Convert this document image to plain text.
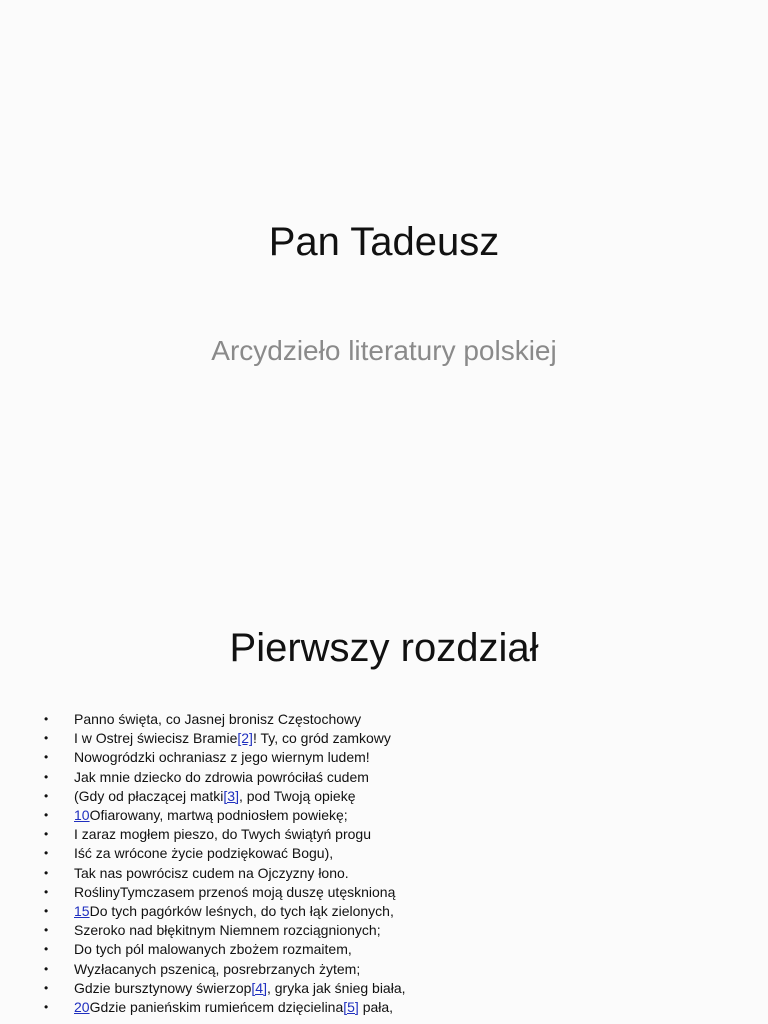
Pan Tadeusz
Arcydzieło literatury polskiej
Pierwszy rozdział
• Panno święta, co Jasnej bronisz Częstochowy
• I w Ostrej świecisz Bramie[2]! Ty, co gród zamkowy
• Nowogródzki ochraniasz z jego wiernym ludem!
• Jak mnie dziecko do zdrowia powróciłaś cudem
• (Gdy od płaczącej matki[3], pod Twoją opiekę
• 10Ofiarowany, martwą podniosłem powiekę;
• I zaraz mogłem pieszo, do Twych świątyń progu
• Iść za wrócone życie podziękować Bogu),
• Tak nas powrócisz cudem na Ojczyzny łono.
• RoślinyTymczasem przenoś moją duszę utęsknioną
• 15Do tych pagórków leśnych, do tych łąk zielonych,
• Szeroko nad błękitnym Niemnem rozciągnionych;
• Do tych pól malowanych zbożem rozmaitem,
• Wyzłacanych pszenicą, posrebrzanych żytem;
• Gdzie bursztynowy świerzop[4], gryka jak śnieg biała,
• 20Gdzie panieńskim rumieńcem dzięcielina[5] pała,
